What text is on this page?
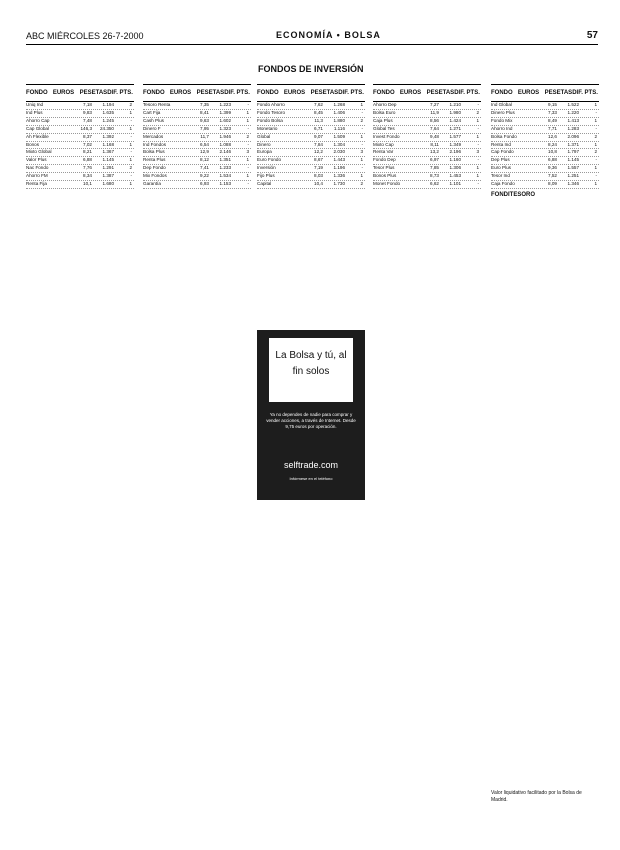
ABC MIÉRCOLES 26-7-2000	ECONOMÍA • BOLSA	57
FONDOS DE INVERSIÓN
FONDO EUROS PESETAS DIF. PTS.
Uniq Ind	7,18	1.194	2
Ind Plus	9,83	1.635	1
Ahorro Cap	7,48	1.245	-
Cap Global	146,3	24.350	1
Ah Flexible	8,37	1.392	-
Bonos	7,02	1.168	1
Mixto Global	8,21	1.367	-
Valor Plus	6,88	1.145	1
Nac Fondo	7,76	1.291	2
Ahorro FM	8,34	1.387	-
Renta Fija	10,1	1.680	1
FONDO EUROS PESETAS DIF. PTS.
Tesoro Renta	7,35	1.223	-
Cart Fija	8,41	1.399	1
Cash Plus	9,63	1.602	1
Dinero F	7,95	1.323	-
Mercados	11,7	1.946	2
Ind Fondos	6,54	1.088	-
Bolsa Plus	12,9	2.146	3
Renta Plus	8,12	1.351	1
Dep Fondo	7,41	1.233	-
Mix Fondos	9,22	1.534	1
Garantía	6,93	1.153	-
FONDO EUROS PESETAS DIF. PTS.
Fondo Ahorro	7,62	1.268	1
Fondo Tesoro	8,45	1.406	-
Fondo Bolsa	11,3	1.880	2
Monetario	6,71	1.116	-
Global	9,07	1.509	1
Dinero	7,84	1.304	-
Europa	12,2	2.030	3
Euro Fondo	8,67	1.443	1
Inversión	7,19	1.196	-
Fijo Plus	8,03	1.336	1
Capital	10,4	1.730	2
FONDO EUROS PESETAS DIF. PTS.
Ahorro Dep	7,27	1.210	-
Bolsa Euro	11,9	1.980	2
Caja Plus	8,56	1.424	1
Global Tes	7,64	1.271	-
Invest Fondo	9,48	1.577	1
Mixto Cap	8,11	1.349	-
Renta Var	13,2	2.196	3
Fondo Dep	6,97	1.160	-
Tesor Plus	7,85	1.306	1
Bonos Plus	8,73	1.453	1
Monet Fondo	6,62	1.101	-
FONDO EUROS PESETAS DIF. PTS.
Ind Global	9,15	1.522	1
Dinero Plus	7,33	1.220	-
Fondo Mix	8,49	1.413	1
Ahorro Ind	7,71	1.283	-
Bolsa Fondo	12,6	2.096	2
Renta Ind	8,24	1.371	1
Cap Fondo	10,8	1.797	2
Dep Plus	6,88	1.145	-
Euro Plus	9,36	1.557	1
Tesor Ind	7,52	1.251	-
Caja Fondo	8,09	1.346	1
FONDITESORO

La Bolsa y tú, al fin solos

Ya no dependes de nadie para comprar y vender acciones, a través de Internet. Desde 9,75 euros por operación.
selftrade.com
Infórmese en el teléfono
Valor liquidativo facilitado por la Bolsa de Madrid.
